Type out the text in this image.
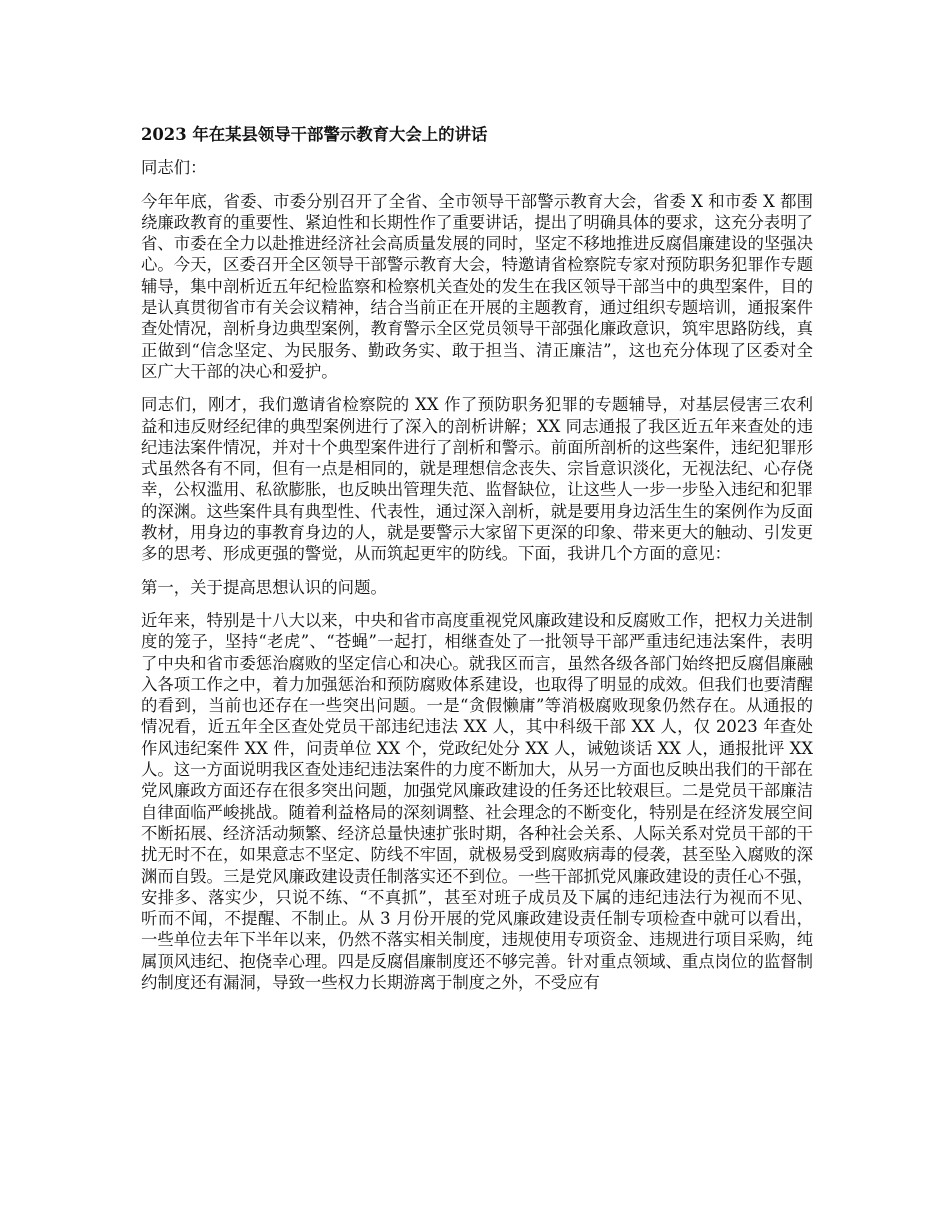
2023 年在某县领导干部警示教育大会上的讲话
同志们：
今年年底，省委、市委分别召开了全省、全市领导干部警示教育大会，省委 X 和市委 X 都围绕廉政教育的重要性、紧迫性和长期性作了重要讲话，提出了明确具体的要求，这充分表明了省、市委在全力以赴推进经济社会高质量发展的同时，坚定不移地推进反腐倡廉建设的坚强决心。今天，区委召开全区领导干部警示教育大会，特邀请省检察院专家对预防职务犯罪作专题辅导，集中剖析近五年纪检监察和检察机关查处的发生在我区领导干部当中的典型案件，目的是认真贯彻省市有关会议精神，结合当前正在开展的主题教育，通过组织专题培训，通报案件查处情况，剖析身边典型案例，教育警示全区党员领导干部强化廉政意识，筑牢思路防线，真正做到“信念坚定、为民服务、勤政务实、敢于担当、清正廉洁”，这也充分体现了区委对全区广大干部的决心和爱护。
同志们，刚才，我们邀请省检察院的 XX 作了预防职务犯罪的专题辅导，对基层侵害三农利益和违反财经纪律的典型案例进行了深入的剖析讲解；XX 同志通报了我区近五年来查处的违纪违法案件情况，并对十个典型案件进行了剖析和警示。前面所剖析的这些案件，违纪犯罪形式虽然各有不同，但有一点是相同的，就是理想信念丧失、宗旨意识淡化，无视法纪、心存侥幸，公权滥用、私欲膨胀，也反映出管理失范、监督缺位，让这些人一步一步坠入违纪和犯罪的深渊。这些案件具有典型性、代表性，通过深入剖析，就是要用身边活生生的案例作为反面教材，用身边的事教育身边的人，就是要警示大家留下更深的印象、带来更大的触动、引发更多的思考、形成更强的警觉，从而筑起更牢的防线。下面，我讲几个方面的意见：
第一，关于提高思想认识的问题。
近年来，特别是十八大以来，中央和省市高度重视党风廉政建设和反腐败工作，把权力关进制度的笼子，坚持“老虎”、“苍蝇”一起打，相继查处了一批领导干部严重违纪违法案件，表明了中央和省市委惩治腐败的坚定信心和决心。就我区而言，虽然各级各部门始终把反腐倡廉融入各项工作之中，着力加强惩治和预防腐败体系建设，也取得了明显的成效。但我们也要清醒的看到，当前也还存在一些突出问题。一是“贪假懒庸”等消极腐败现象仍然存在。从通报的情况看，近五年全区查处党员干部违纪违法 XX 人，其中科级干部 XX 人，仅 2023 年查处作风违纪案件 XX 件，问责单位 XX 个，党政纪处分 XX 人，诫勉谈话 XX 人，通报批评 XX 人。这一方面说明我区查处违纪违法案件的力度不断加大，从另一方面也反映出我们的干部在党风廉政方面还存在很多突出问题，加强党风廉政建设的任务还比较艰巨。二是党员干部廉洁自律面临严峻挑战。随着利益格局的深刻调整、社会理念的不断变化，特别是在经济发展空间不断拓展、经济活动频繁、经济总量快速扩张时期，各种社会关系、人际关系对党员干部的干扰无时不在，如果意志不坚定、防线不牢固，就极易受到腐败病毒的侵袭，甚至坠入腐败的深渊而自毁。三是党风廉政建设责任制落实还不到位。一些干部抓党风廉政建设的责任心不强，安排多、落实少，只说不练、“不真抓”，甚至对班子成员及下属的违纪违法行为视而不见、听而不闻，不提醒、不制止。从 3 月份开展的党风廉政建设责任制专项检查中就可以看出，一些单位去年下半年以来，仍然不落实相关制度，违规使用专项资金、违规进行项目采购，纯属顶风违纪、抱侥幸心理。四是反腐倡廉制度还不够完善。针对重点领域、重点岗位的监督制约制度还有漏洞，导致一些权力长期游离于制度之外，不受应有
